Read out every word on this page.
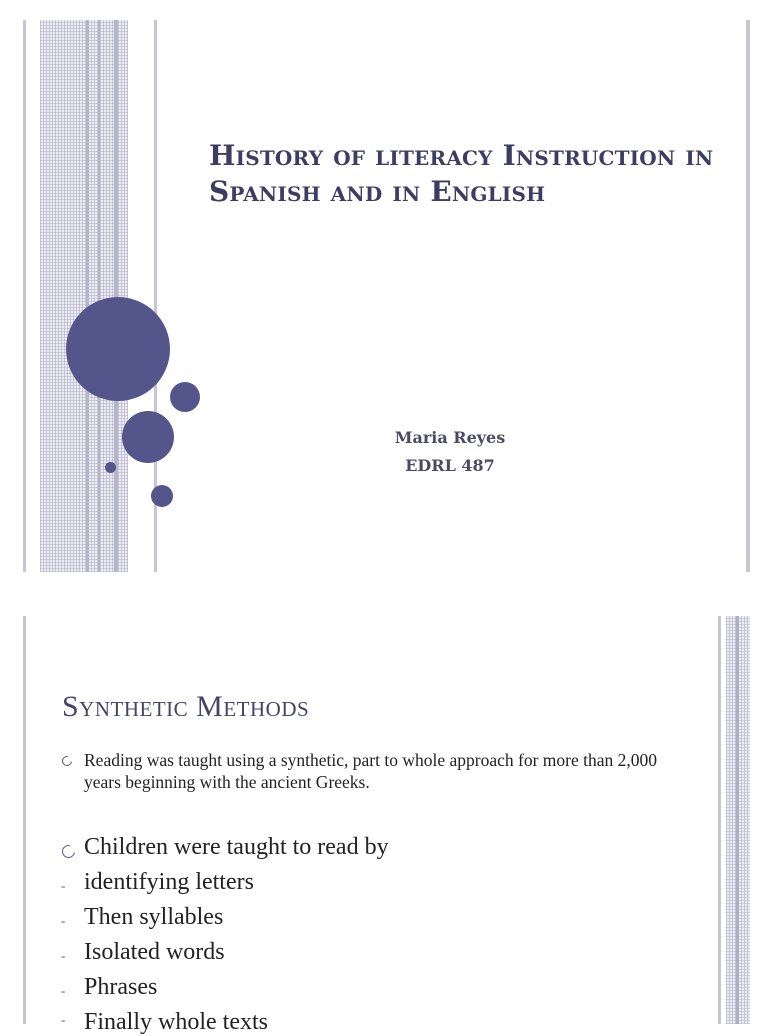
History of literacy Instruction in Spanish and in English

Maria Reyes

EDRL 487

Synthetic Methods
Reading was taught using a synthetic, part to whole approach for more than 2,000 years beginning with the ancient Greeks.
Children were taught to read by
- identifying letters
- Then syllables
- Isolated words
- Phrases
- Finally whole texts
